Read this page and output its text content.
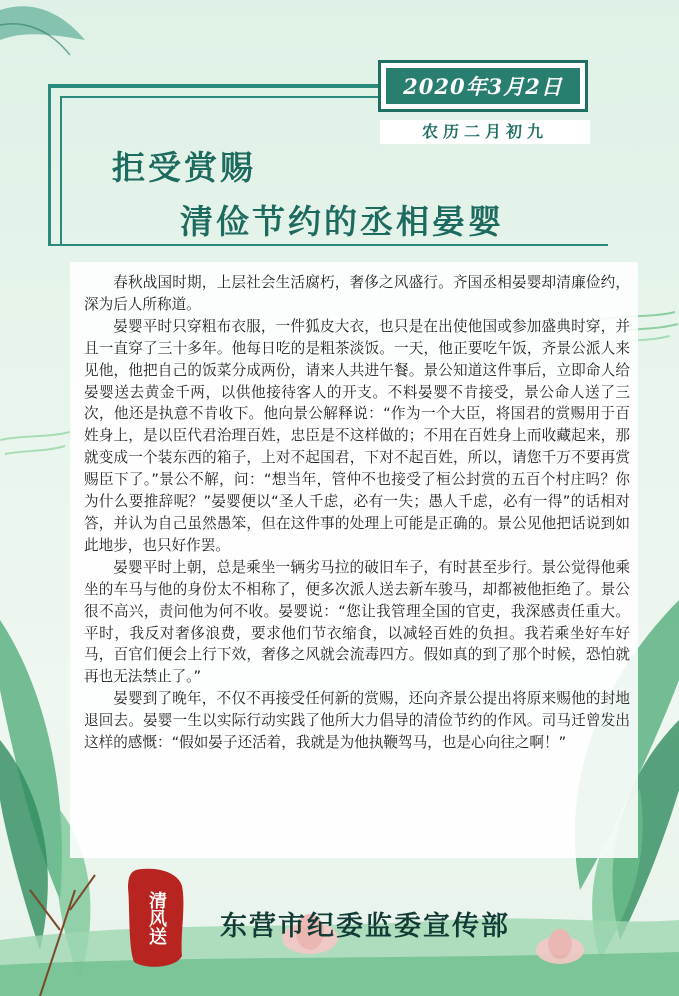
2020年3月2日
农历二月初九
拒受赏赐
清俭节约的丞相晏婴

春秋战国时期，上层社会生活腐朽，奢侈之风盛行。齐国丞相晏婴却清廉俭约，深为后人所称道。

晏婴平时只穿粗布衣服，一件狐皮大衣，也只是在出使他国或参加盛典时穿，并且一直穿了三十多年。他每日吃的是粗茶淡饭。一天，他正要吃午饭，齐景公派人来见他，他把自己的饭菜分成两份，请来人共进午餐。景公知道这件事后，立即命人给晏婴送去黄金千两，以供他接待客人的开支。不料晏婴不肯接受，景公命人送了三次，他还是执意不肯收下。他向景公解释说：“作为一个大臣，将国君的赏赐用于百姓身上，是以臣代君治理百姓，忠臣是不这样做的；不用在百姓身上而收藏起来，那就变成一个装东西的箱子，上对不起国君，下对不起百姓，所以，请您千万不要再赏赐臣下了。”景公不解，问：“想当年，管仲不也接受了桓公封赏的五百个村庄吗？你为什么要推辞呢？”晏婴便以“圣人千虑，必有一失；愚人千虑，必有一得”的话相对答，并认为自己虽然愚笨，但在这件事的处理上可能是正确的。景公见他把话说到如此地步，也只好作罢。

晏婴平时上朝，总是乘坐一辆劣马拉的破旧车子，有时甚至步行。景公觉得他乘坐的车马与他的身份太不相称了，便多次派人送去新车骏马，却都被他拒绝了。景公很不高兴，责问他为何不收。晏婴说：“您让我管理全国的官吏，我深感责任重大。平时，我反对奢侈浪费，要求他们节衣缩食，以减轻百姓的负担。我若乘坐好车好马，百官们便会上行下效，奢侈之风就会流毒四方。假如真的到了那个时候，恐怕就再也无法禁止了。”

晏婴到了晚年，不仅不再接受任何新的赏赐，还向齐景公提出将原来赐他的封地退回去。晏婴一生以实际行动实践了他所大力倡导的清俭节约的作风。司马迁曾发出这样的感慨：“假如晏子还活着，我就是为他执鞭驾马，也是心向往之啊！”

清风送	东营市纪委监委宣传部
